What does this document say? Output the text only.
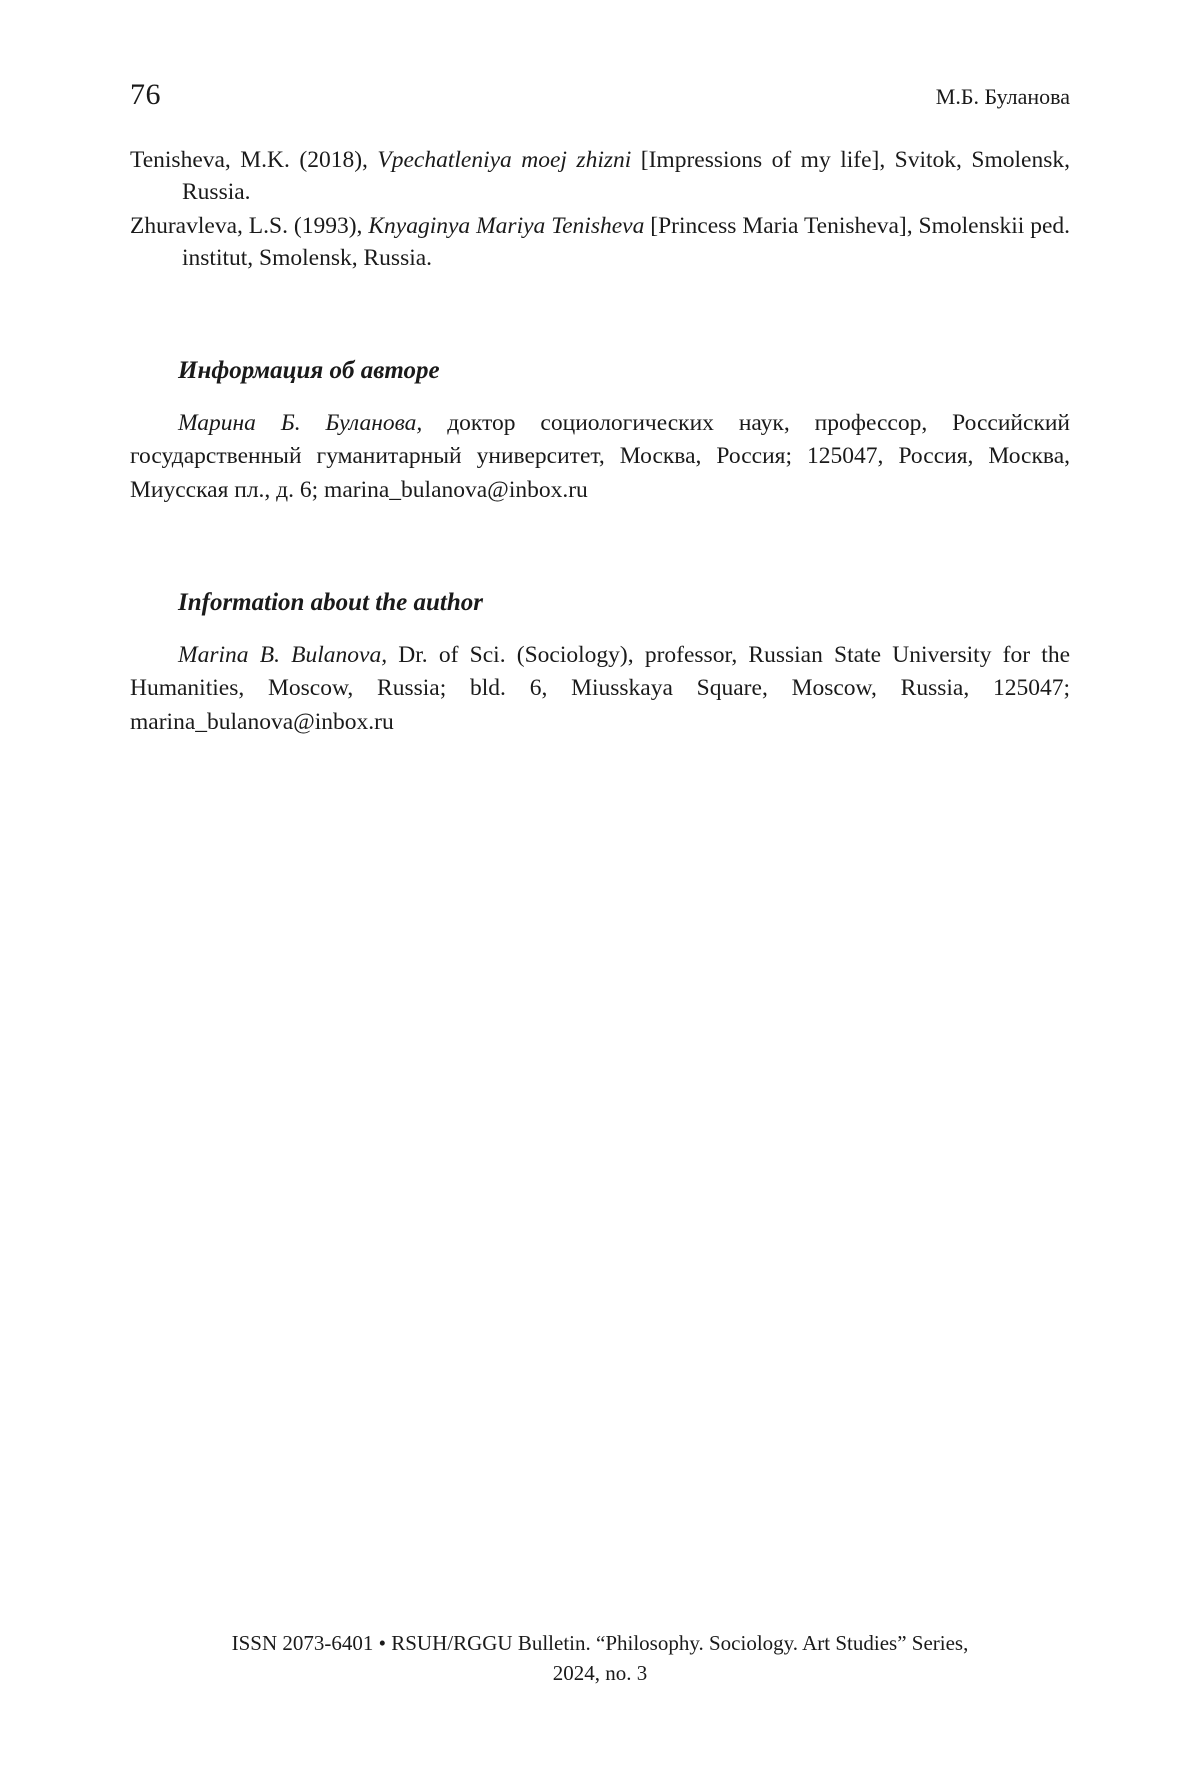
76	М.Б. Буланова

Tenisheva, M.K. (2018), Vpechatleniya moej zhizni [Impressions of my life], Svitok, Smolensk, Russia.

Zhuravleva, L.S. (1993), Knyaginya Mariya Tenisheva [Princess Maria Tenisheva], Smolenskii ped. institut, Smolensk, Russia.

Информация об авторе

Марина Б. Буланова, доктор социологических наук, профессор, Российский государственный гуманитарный университет, Москва, Россия; 125047, Россия, Москва, Миусская пл., д. 6; marina_bulanova@inbox.ru

Information about the author

Marina B. Bulanova, Dr. of Sci. (Sociology), professor, Russian State University for the Humanities, Moscow, Russia; bld. 6, Miusskaya Square, Moscow, Russia, 125047; marina_bulanova@inbox.ru

ISSN 2073-6401 • RSUH/RGGU Bulletin. “Philosophy. Sociology. Art Studies” Series,
2024, no. 3
